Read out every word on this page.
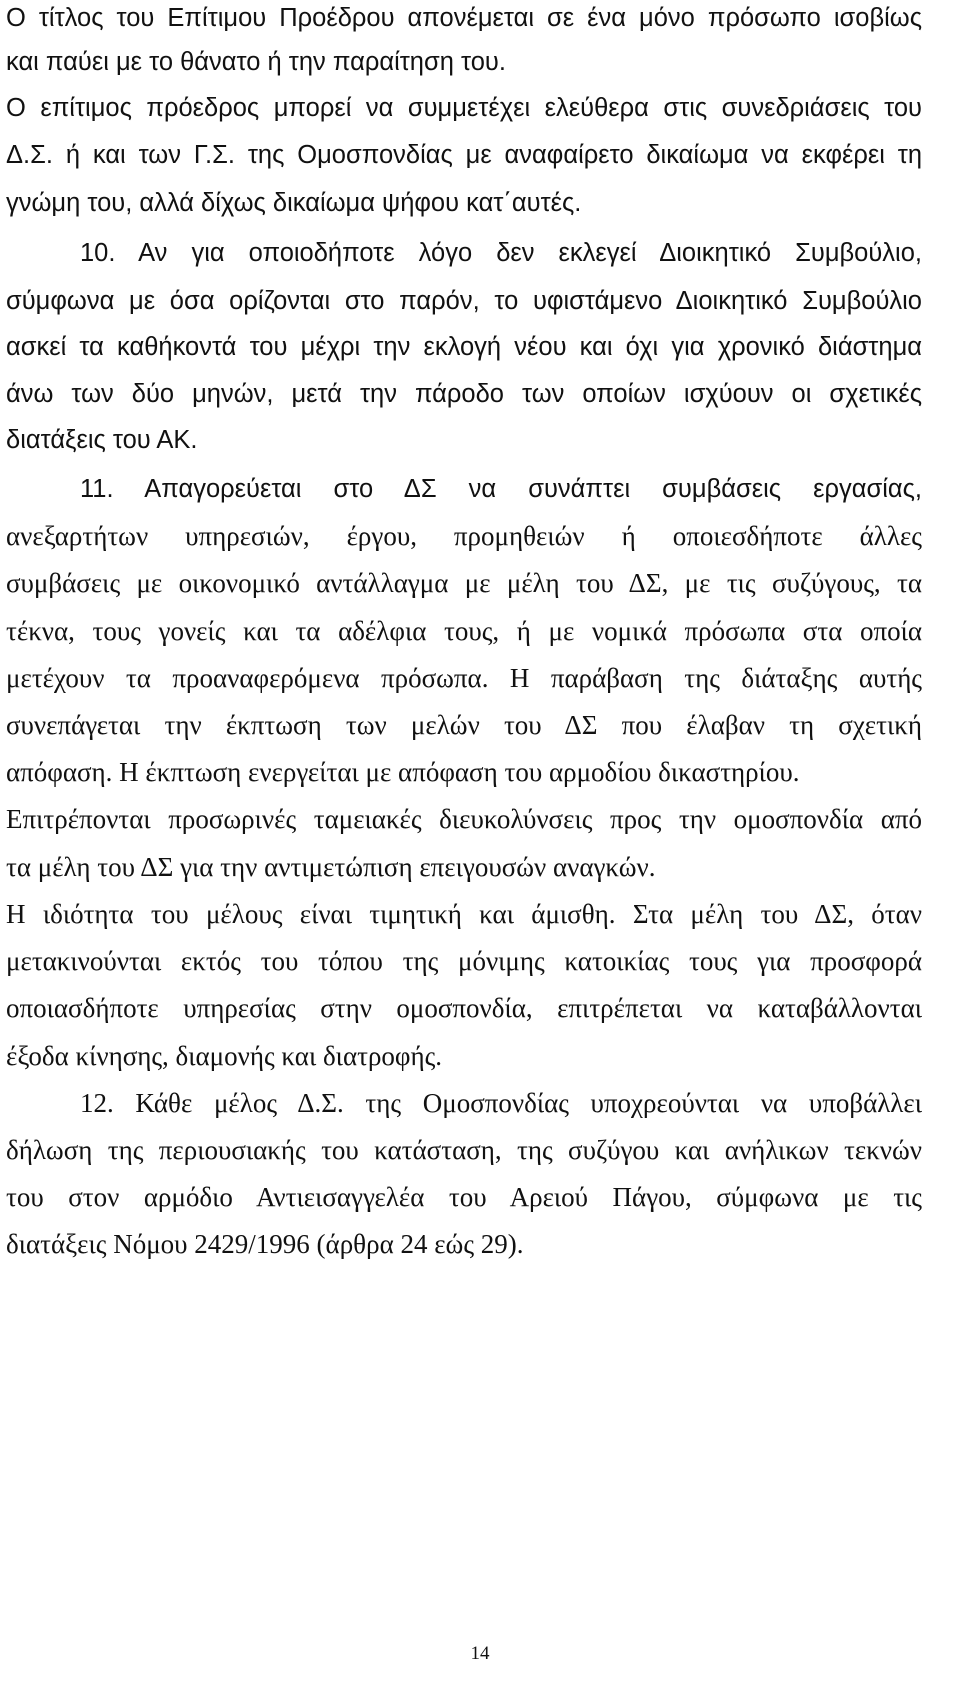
Ο τίτλος του Επίτιμου Προέδρου απονέμεται σε ένα μόνο πρόσωπο ισοβίως
και παύει με το θάνατο ή την παραίτηση του.
Ο επίτιμος πρόεδρος μπορεί να συμμετέχει ελεύθερα στις συνεδριάσεις του
Δ.Σ. ή και των Γ.Σ. της Ομοσπονδίας με αναφαίρετο δικαίωμα να εκφέρει τη
γνώμη του, αλλά δίχως δικαίωμα ψήφου κατ΄αυτές.
10. Αν για οποιοδήποτε λόγο δεν εκλεγεί Διοικητικό Συμβούλιο,
σύμφωνα με όσα ορίζονται στο παρόν, το υφιστάμενο Διοικητικό Συμβούλιο
ασκεί τα καθήκοντά του μέχρι την εκλογή νέου και όχι για χρονικό διάστημα
άνω των δύο μηνών, μετά την πάροδο των οποίων ισχύουν οι σχετικές
διατάξεις του ΑΚ.
11. Απαγορεύεται στο ΔΣ να συνάπτει συμβάσεις εργασίας,
ανεξαρτήτων υπηρεσιών, έργου, προμηθειών ή οποιεσδήποτε άλλες
συμβάσεις με οικονομικό αντάλλαγμα με μέλη του ΔΣ, με τις συζύγους, τα
τέκνα, τους γονείς και τα αδέλφια τους, ή με νομικά πρόσωπα στα οποία
μετέχουν τα προαναφερόμενα πρόσωπα. Η παράβαση της διάταξης αυτής
συνεπάγεται την έκπτωση των μελών του ΔΣ που έλαβαν τη σχετική
απόφαση. Η έκπτωση ενεργείται με απόφαση του αρμοδίου δικαστηρίου.
Επιτρέπονται προσωρινές ταμειακές διευκολύνσεις προς την ομοσπονδία από
τα μέλη του ΔΣ για την αντιμετώπιση επειγουσών αναγκών.
Η ιδιότητα του μέλους είναι τιμητική και άμισθη. Στα μέλη του ΔΣ, όταν
μετακινούνται εκτός του τόπου της μόνιμης κατοικίας τους για προσφορά
οποιασδήποτε υπηρεσίας στην ομοσπονδία, επιτρέπεται να καταβάλλονται
έξοδα κίνησης, διαμονής και διατροφής.
12. Κάθε μέλος Δ.Σ. της Ομοσπονδίας υποχρεούνται να υποβάλλει
δήλωση της περιουσιακής του κατάσταση, της συζύγου και ανήλικων τεκνών
του στον αρμόδιο Αντιεισαγγελέα του Αρειού Πάγου, σύμφωνα με τις
διατάξεις Νόμου 2429/1996 (άρθρα 24 εώς 29).
14
